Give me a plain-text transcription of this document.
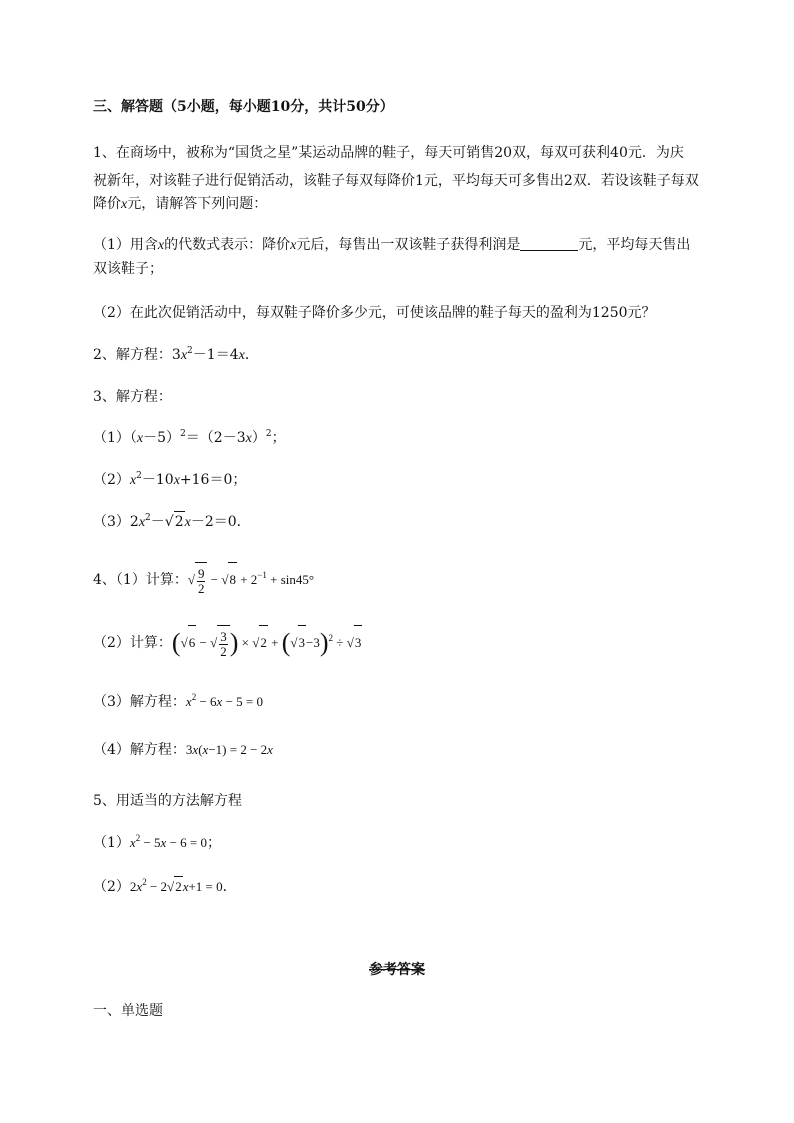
三、解答题（5小题，每小题10分，共计50分）
1、在商场中，被称为“国货之星”某运动品牌的鞋子，每天可销售20双，每双可获利40元．为庆
祝新年，对该鞋子进行促销活动，该鞋子每双每降价1元，平均每天可多售出2双．若设该鞋子每双
降价x元，请解答下列问题：
（1）用含x的代数式表示：降价x元后，每售出一双该鞋子获得利润是	元，平均每天售出
双该鞋子；
（2）在此次促销活动中，每双鞋子降价多少元，可使该品牌的鞋子每天的盈利为1250元？
2、解方程：$3x^2-1=4x$．
3、解方程：
$(1)(x-5)^2=(2-3x)^2$；
$(2)x^2-10x+16=0$；
$(3)2x^2-√2x-2=0$．
4、（1）计算：√ $\frac{9}{2} - √8 + 2^{-1} + \sin 45^\circ$
（2）计算：(√6 − √ $\frac{3}{2}$ ) × $√2 + (√3-3)^2 \div √3$
（3）解方程：$x^2 - 6x - 5 = 0$
（4）解方程：3x(x−1) = 2 − 2x
5、用适当的方法解方程
$(1)x^2 - 5x - 6 = 0$；
$(2)2x^2 - 2√2x+1 = 0$．
参考答案
一、单选题
